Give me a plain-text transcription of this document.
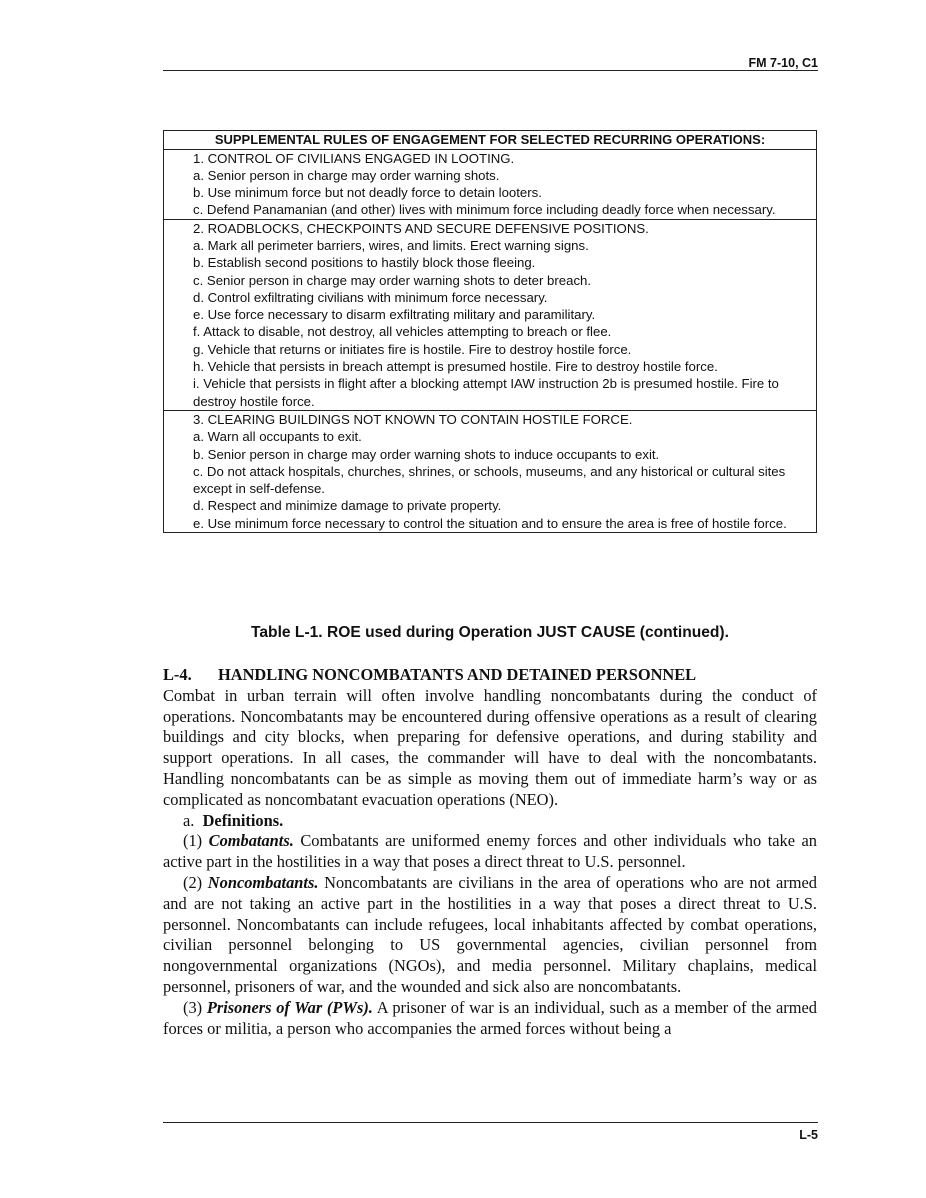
FM 7-10, C1
SUPPLEMENTAL RULES OF ENGAGEMENT FOR SELECTED RECURRING OPERATIONS:
1. CONTROL OF CIVILIANS ENGAGED IN LOOTING.
a. Senior person in charge may order warning shots.
b. Use minimum force but not deadly force to detain looters.
c. Defend Panamanian (and other) lives with minimum force including deadly force when necessary.
2. ROADBLOCKS, CHECKPOINTS AND SECURE DEFENSIVE POSITIONS.
a. Mark all perimeter barriers, wires, and limits. Erect warning signs.
b. Establish second positions to hastily block those fleeing.
c. Senior person in charge may order warning shots to deter breach.
d. Control exfiltrating civilians with minimum force necessary.
e. Use force necessary to disarm exfiltrating military and paramilitary.
f. Attack to disable, not destroy, all vehicles attempting to breach or flee.
g. Vehicle that returns or initiates fire is hostile. Fire to destroy hostile force.
h. Vehicle that persists in breach attempt is presumed hostile. Fire to destroy hostile force.
i. Vehicle that persists in flight after a blocking attempt IAW instruction 2b is presumed hostile. Fire to destroy hostile force.
3. CLEARING BUILDINGS NOT KNOWN TO CONTAIN HOSTILE FORCE.
a. Warn all occupants to exit.
b. Senior person in charge may order warning shots to induce occupants to exit.
c. Do not attack hospitals, churches, shrines, or schools, museums, and any historical or cultural sites except in self-defense.
d. Respect and minimize damage to private property.
e. Use minimum force necessary to control the situation and to ensure the area is free of hostile force.
Table L-1. ROE used during Operation JUST CAUSE (continued).

L-4. HANDLING NONCOMBATANTS AND DETAINED PERSONNEL

Combat in urban terrain will often involve handling noncombatants during the conduct of operations. Noncombatants may be encountered during offensive operations as a result of clearing buildings and city blocks, when preparing for defensive operations, and during stability and support operations. In all cases, the commander will have to deal with the noncombatants. Handling noncombatants can be as simple as moving them out of immediate harm’s way or as complicated as noncombatant evacuation operations (NEO).

a. Definitions.

(1) Combatants. Combatants are uniformed enemy forces and other individuals who take an active part in the hostilities in a way that poses a direct threat to U.S. personnel.

(2) Noncombatants. Noncombatants are civilians in the area of operations who are not armed and are not taking an active part in the hostilities in a way that poses a direct threat to U.S. personnel. Noncombatants can include refugees, local inhabitants affected by combat operations, civilian personnel belonging to US governmental agencies, civilian personnel from nongovernmental organizations (NGOs), and media personnel. Military chaplains, medical personnel, prisoners of war, and the wounded and sick also are noncombatants.

(3) Prisoners of War (PWs). A prisoner of war is an individual, such as a member of the armed forces or militia, a person who accompanies the armed forces without being a

L-5
